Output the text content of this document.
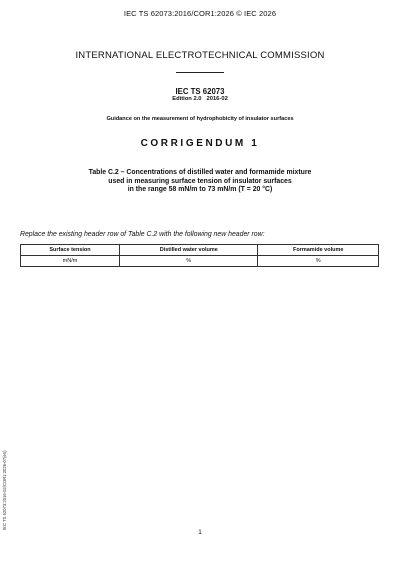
IEC TS 62073:2016/COR1:2026 © IEC 2026
INTERNATIONAL ELECTROTECHNICAL COMMISSION
IEC TS 62073
Edition 2.0 2016-02
Guidance on the measurement of hydrophobicity of insulator surfaces
CORRIGENDUM 1
Table C.2 – Concentrations of distilled water and formamide mixture
used in measuring surface tension of insulator surfaces
in the range 58 mN/m to 73 mN/m (T = 20 °C)
Replace the existing header row of Table C.2 with the following new header row:
Surface tension	Distilled water volume	Formamide volume
mN/m	%	%
IEC TS 62073:2016-02/COR1:2026-07(en)
1
